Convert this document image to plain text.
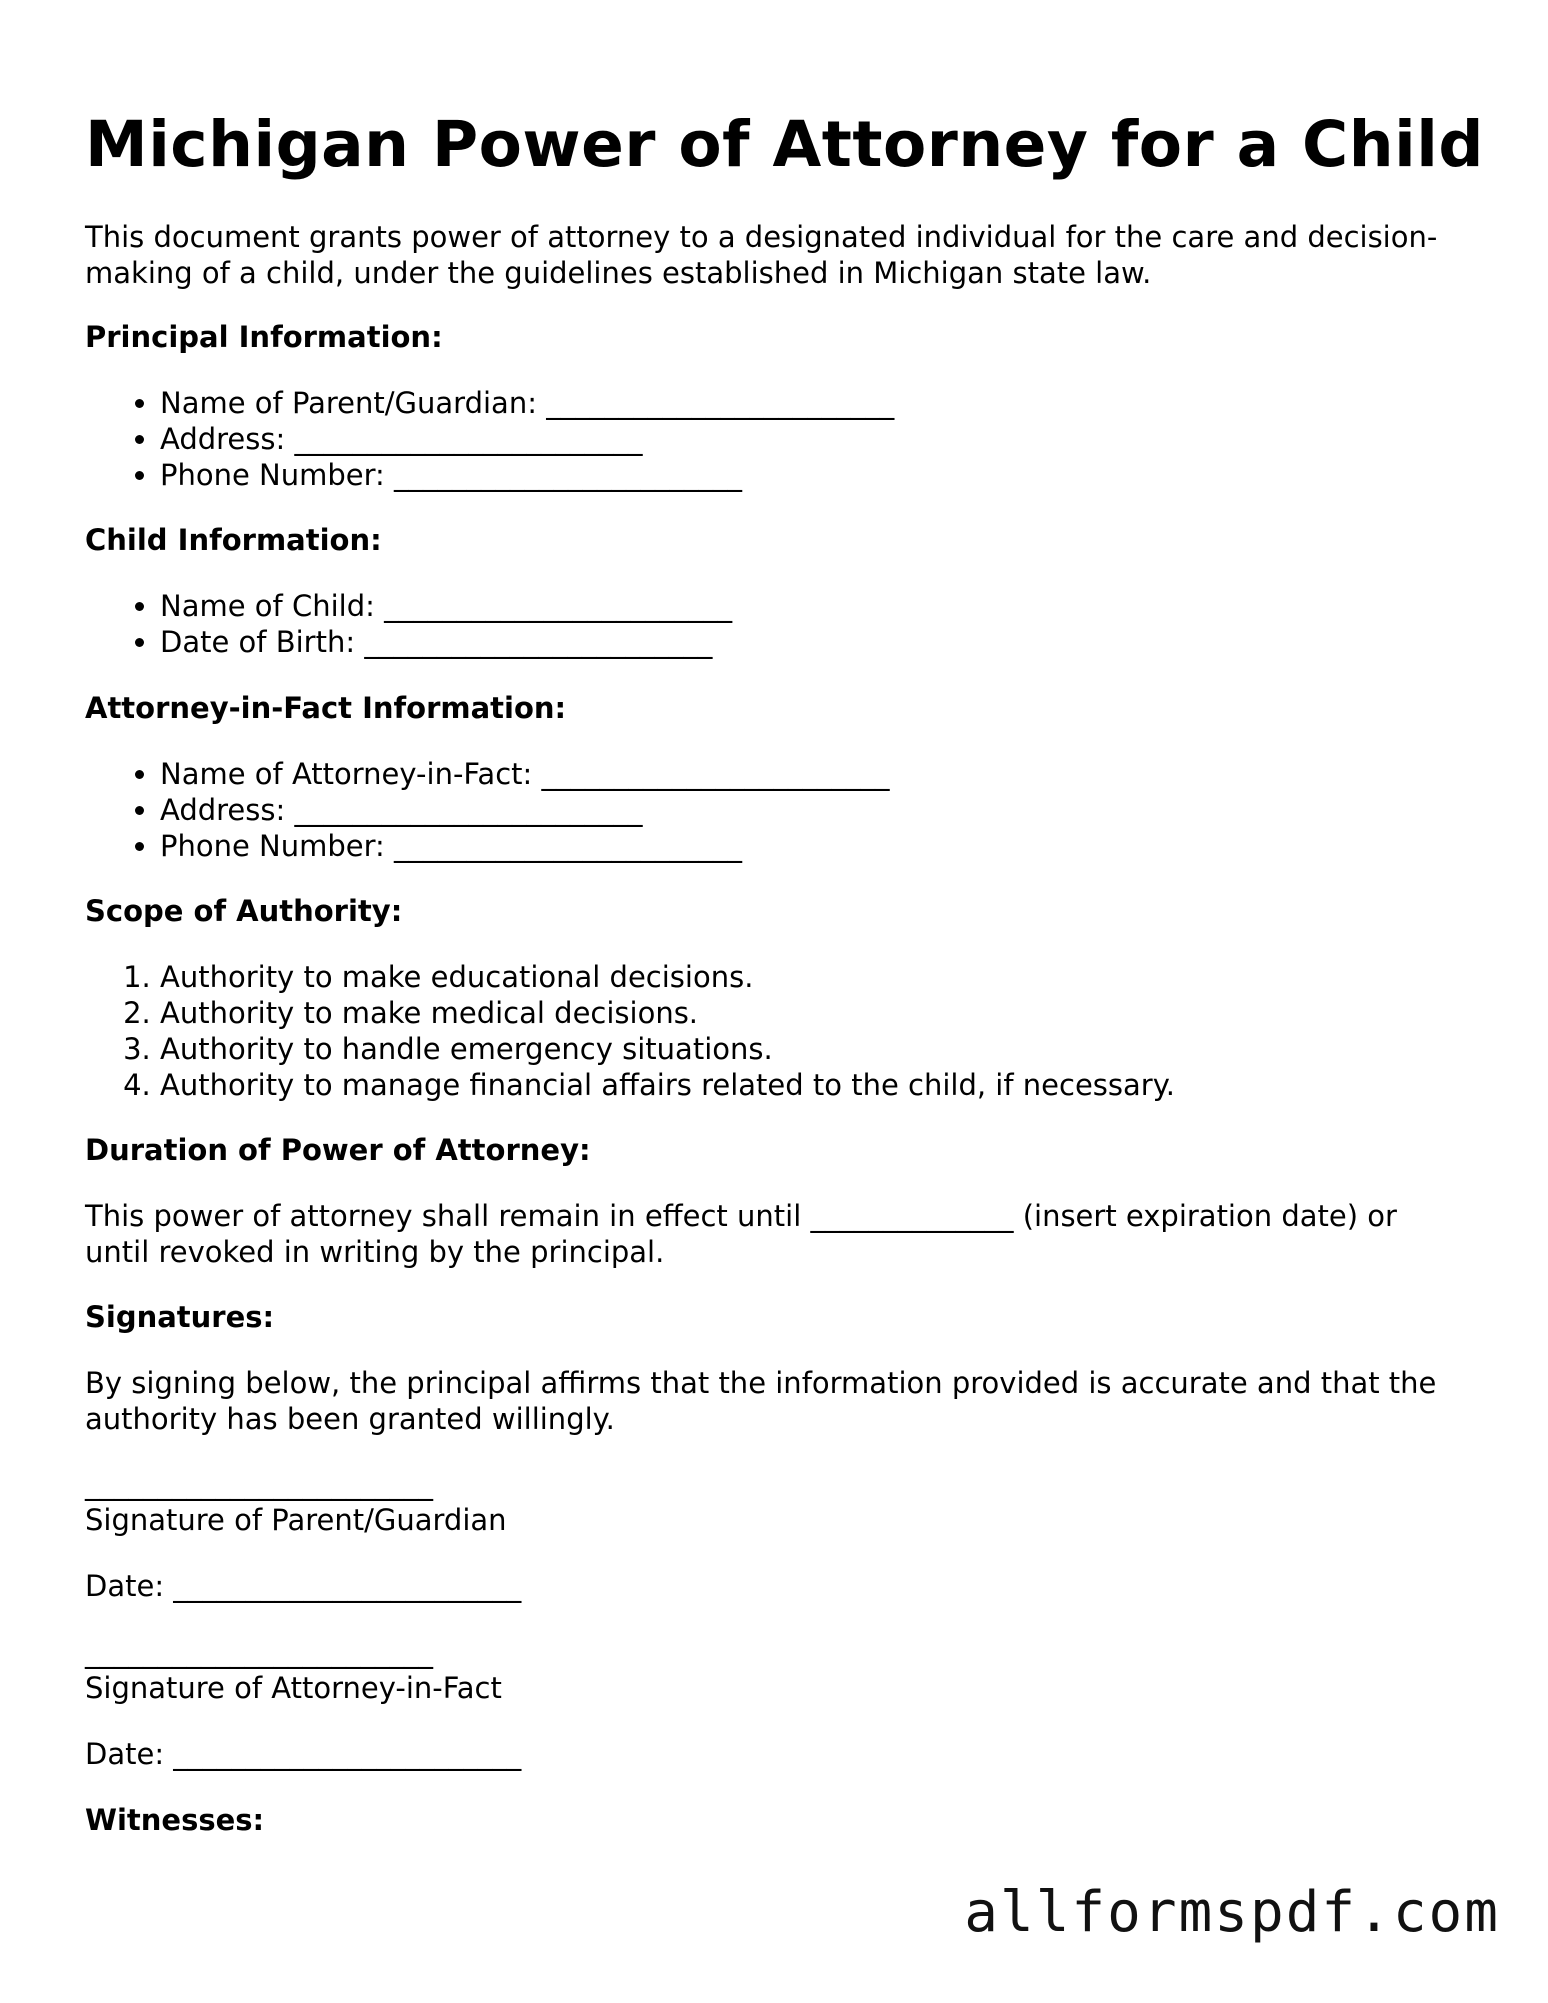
Michigan Power of Attorney for a Child

This document grants power of attorney to a designated individual for the care and decision-making of a child, under the guidelines established in Michigan state law.

Principal Information:

• Name of Parent/Guardian: ________________________
• Address: ________________________
• Phone Number: ________________________

Child Information:

• Name of Child: ________________________
• Date of Birth: ________________________

Attorney-in-Fact Information:

• Name of Attorney-in-Fact: ________________________
• Address: ________________________
• Phone Number: ________________________

Scope of Authority:

1. Authority to make educational decisions.
2. Authority to make medical decisions.
3. Authority to handle emergency situations.
4. Authority to manage financial affairs related to the child, if necessary.

Duration of Power of Attorney:

This power of attorney shall remain in effect until ______________ (insert expiration date) or until revoked in writing by the principal.

Signatures:

By signing below, the principal affirms that the information provided is accurate and that the authority has been granted willingly.

________________________

Signature of Parent/Guardian

Date: ________________________

________________________

Signature of Attorney-in-Fact

Date: ________________________

Witnesses:

allformspdf.com
